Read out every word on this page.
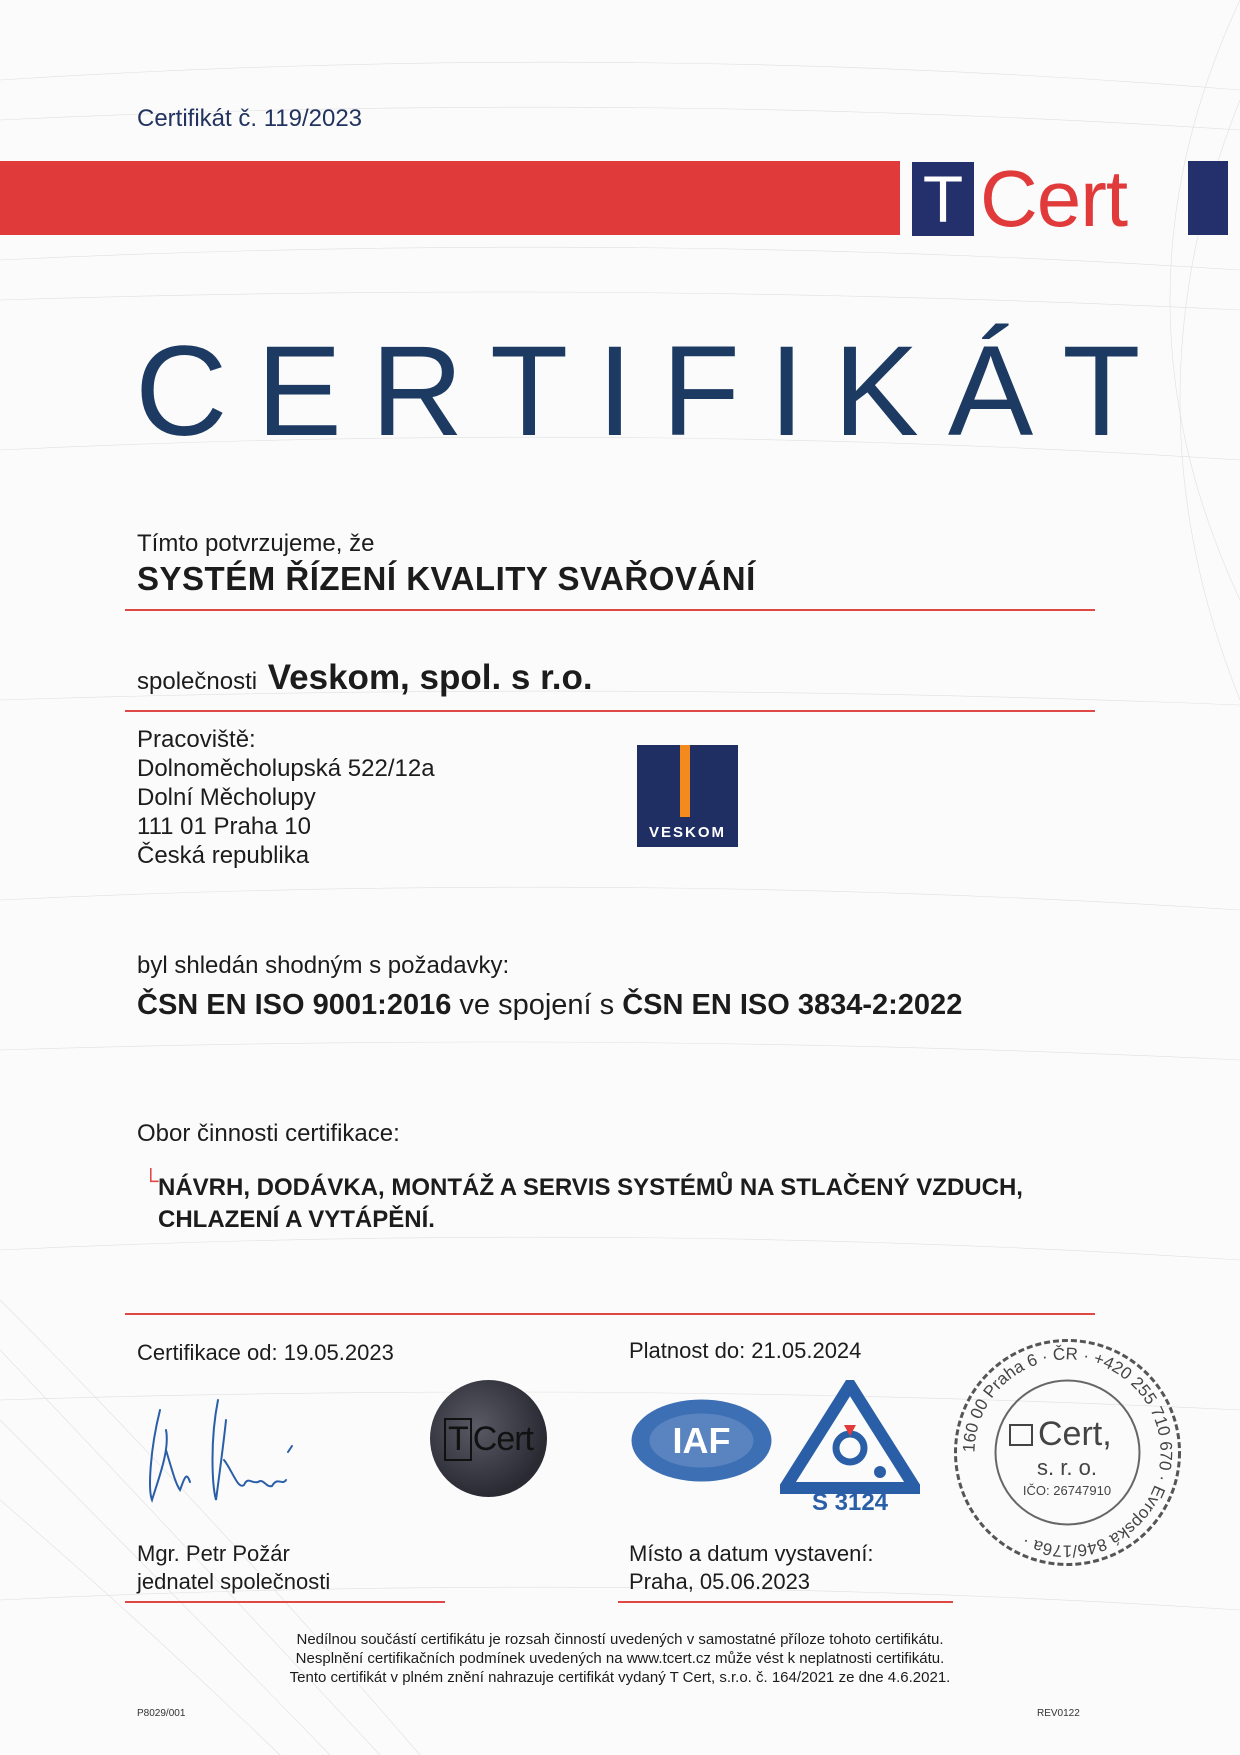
Certifikát č. 119/2023
T Cert
CERTIFIKÁT
Tímto potvrzujeme, že
SYSTÉM ŘÍZENÍ KVALITY SVAŘOVÁNÍ
společnosti Veskom, spol. s r.o.
Pracoviště:
Dolnoměcholupská 522/12a
Dolní Měcholupy
111 01 Praha 10
Česká republika
VESKOM
byl shledán shodným s požadavky:
ČSN EN ISO 9001:2016 ve spojení s ČSN EN ISO 3834-2:2022
Obor činnosti certifikace:
└ NÁVRH, DODÁVKA, MONTÁŽ A SERVIS SYSTÉMŮ NA STLAČENÝ VZDUCH, CHLAZENÍ A VYTÁPĚNÍ.
Certifikace od: 19.05.2023	Platnost do: 21.05.2024
T Cert	IAF
S 3124
160 00 Praha 6 · ČR · +420 255 710 670 · Evropská 846/176a ·
Cert,
s. r. o.
IČO: 26747910
Mgr. Petr Požár
jednatel společnosti
Místo a datum vystavení:
Praha, 05.06.2023
Nedílnou součástí certifikátu je rozsah činností uvedených v samostatné příloze tohoto certifikátu.
Nesplnění certifikačních podmínek uvedených na www.tcert.cz může vést k neplatnosti certifikátu.
Tento certifikát v plném znění nahrazuje certifikát vydaný T Cert, s.r.o. č. 164/2021 ze dne 4.6.2021.
P8029/001	REV0122
